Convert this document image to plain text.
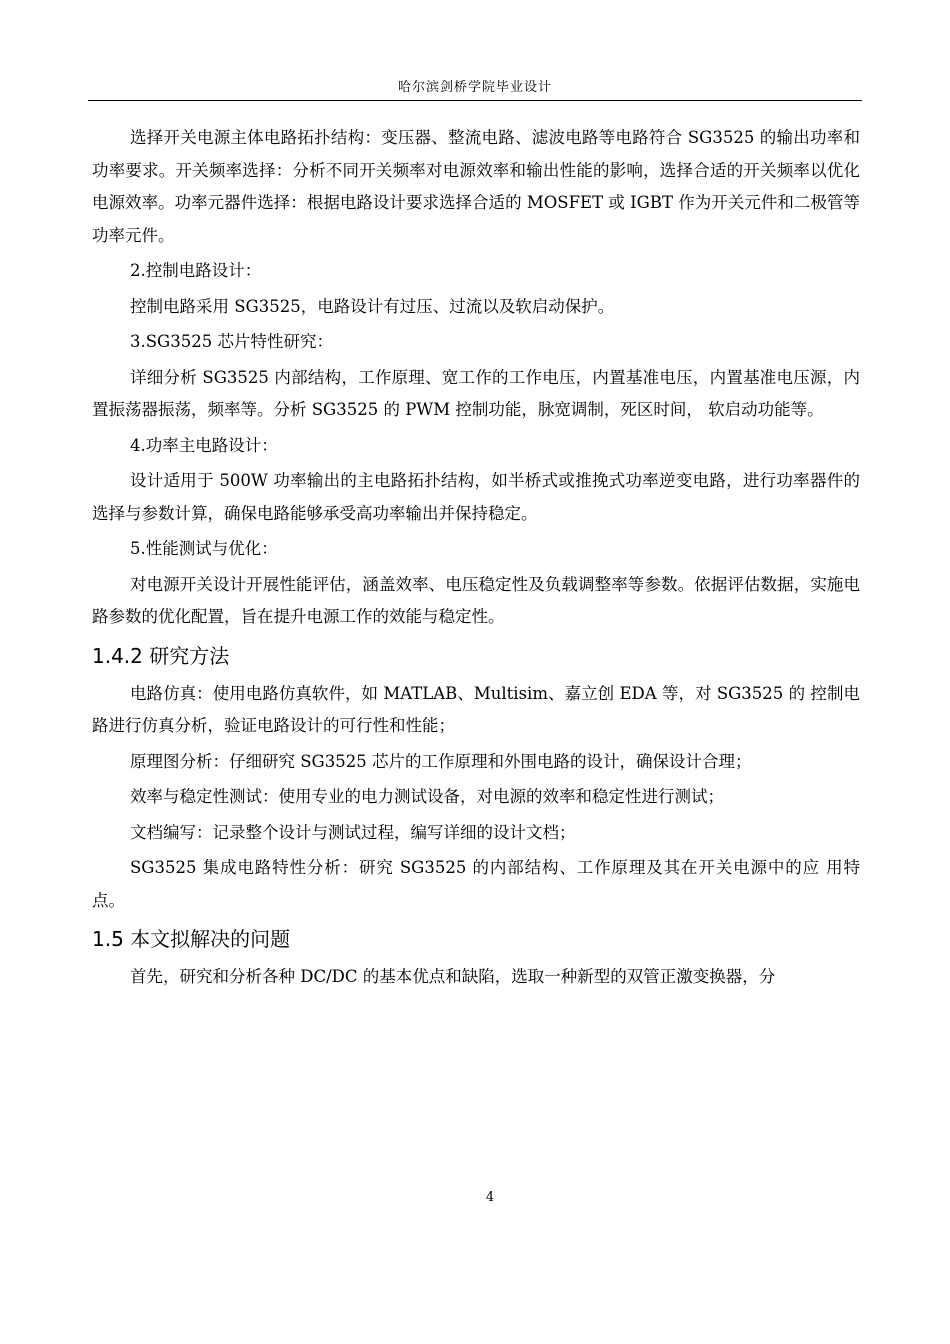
哈尔滨剑桥学院毕业设计

选择开关电源主体电路拓扑结构：变压器、整流电路、滤波电路等电路符合 SG3525 的输出功率和功率要求。开关频率选择：分析不同开关频率对电源效率和输出性能的影响，选择合适的开关频率以优化电源效率。功率元器件选择：根据电路设计要求选择合适的 MOSFET 或 IGBT 作为开关元件和二极管等功率元件。

2.控制电路设计：

控制电路采用 SG3525，电路设计有过压、过流以及软启动保护。

3.SG3525 芯片特性研究：

详细分析 SG3525 内部结构，工作原理、宽工作的工作电压，内置基准电压，内置基准电压源，内置振荡器振荡，频率等。分析 SG3525 的 PWM 控制功能，脉宽调制，死区时间， 软启动功能等。

4.功率主电路设计：

设计适用于 500W 功率输出的主电路拓扑结构，如半桥式或推挽式功率逆变电路，进行功率器件的选择与参数计算，确保电路能够承受高功率输出并保持稳定。

5.性能测试与优化：

对电源开关设计开展性能评估，涵盖效率、电压稳定性及负载调整率等参数。依据评估数据，实施电路参数的优化配置，旨在提升电源工作的效能与稳定性。

1.4.2 研究方法

电路仿真：使用电路仿真软件，如 MATLAB、Multisim、嘉立创 EDA 等，对 SG3525 的 控制电路进行仿真分析，验证电路设计的可行性和性能；

原理图分析：仔细研究 SG3525 芯片的工作原理和外围电路的设计，确保设计合理；

效率与稳定性测试：使用专业的电力测试设备，对电源的效率和稳定性进行测试；

文档编写：记录整个设计与测试过程，编写详细的设计文档；

SG3525 集成电路特性分析：研究 SG3525 的内部结构、工作原理及其在开关电源中的应 用特点。

1.5 本文拟解决的问题

首先，研究和分析各种 DC/DC 的基本优点和缺陷，选取一种新型的双管正激变换器，分

4
